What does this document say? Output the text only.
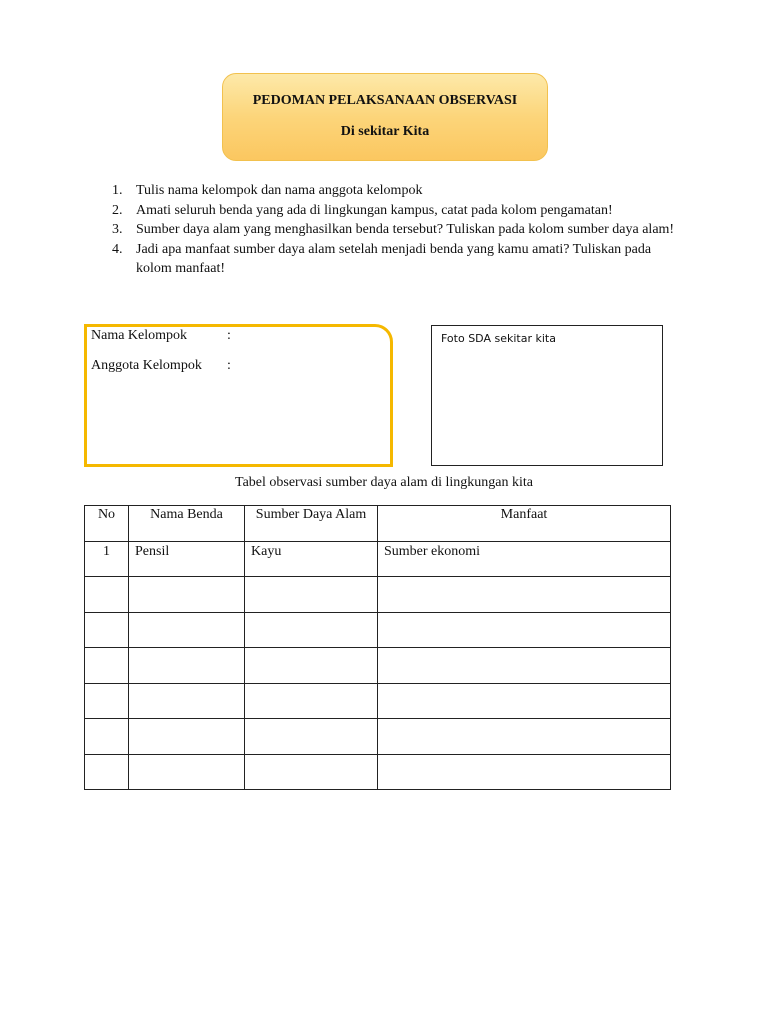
PEDOMAN PELAKSANAAN OBSERVASI
Di sekitar Kita
1. Tulis nama kelompok dan nama anggota kelompok
2. Amati seluruh benda yang ada di lingkungan kampus, catat pada kolom pengamatan!
3. Sumber daya alam yang menghasilkan benda tersebut? Tuliskan pada kolom sumber daya alam!
4. Jadi apa manfaat sumber daya alam setelah menjadi benda yang kamu amati? Tuliskan pada kolom manfaat!
Nama Kelompok	:
Anggota Kelompok :
Foto SDA sekitar kita
Tabel observasi sumber daya alam di lingkungan kita
No	Nama Benda	Sumber Daya Alam	Manfaat
1	Pensil	Kayu	Sumber ekonomi
